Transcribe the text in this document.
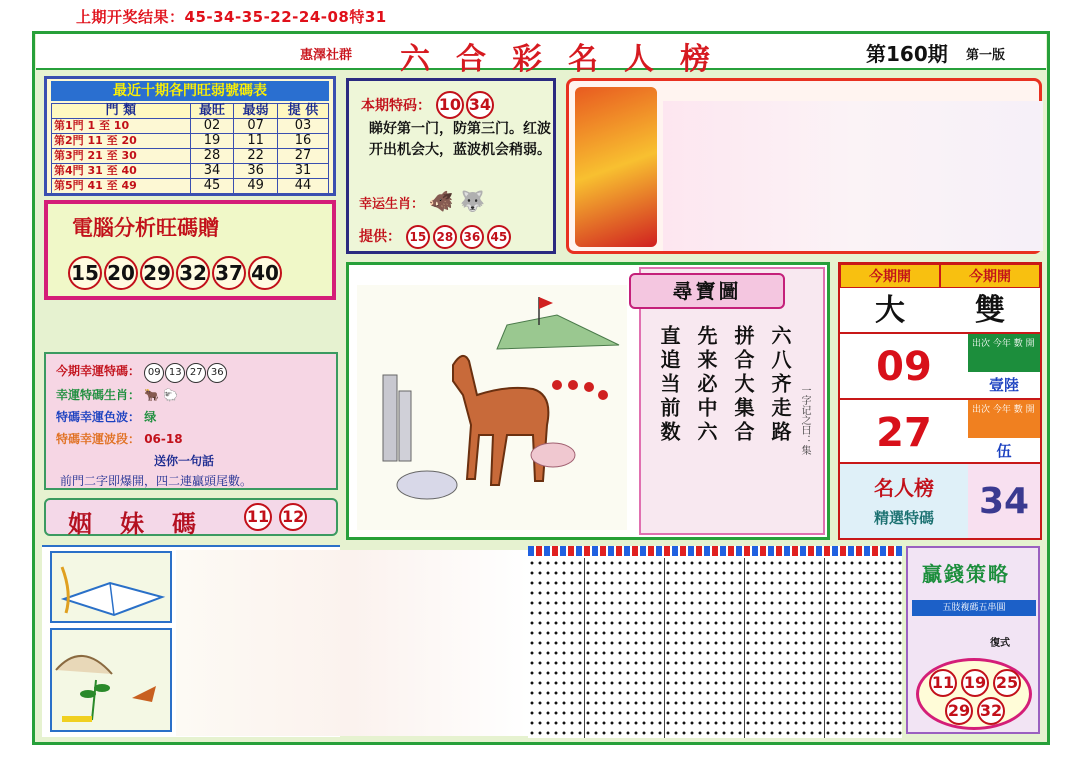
上期开奖结果：45-34-35-22-24-08特31
惠澤社群 六合彩名人榜	第160期 第一版
最近十期各門旺弱號碼表
門 類	最旺	最弱	提 供
第1門 1 至 10	02	07	03
第2門 11 至 20	19	11	16
第3門 21 至 30	28	22	27
第4門 31 至 40	34	36	31
第5門 41 至 49	45	49	44
電腦分析旺碼贈
15 20 29 32 37 40
今期幸運特碼： 09 13 27 36
幸運特碼生肖： 🐂 🐑
特碼幸運色波： 绿
特碼幸運波段： 06-18
送你一句話
前門二字即爆開，四二連贏頭尾數。
姻妹碼 11 12
本期特码： 10 34
睇好第一门，防第三门。红波开出机会大，蓝波机会稍弱。
幸运生肖： 🐗 🐺
提供： 15 28 36 45
尋寶圖
六八齐走路
拼合大集合
先来必中六
直追当前数	一字记之曰：集
今期開	今期開
大	雙
09	出次 今年 數 開
壹陸
27	出次 今年 數 開
伍
名人榜
精選特碼	34
贏錢策略
五肢複碼五串圓
復式
11 19 25
29 32
